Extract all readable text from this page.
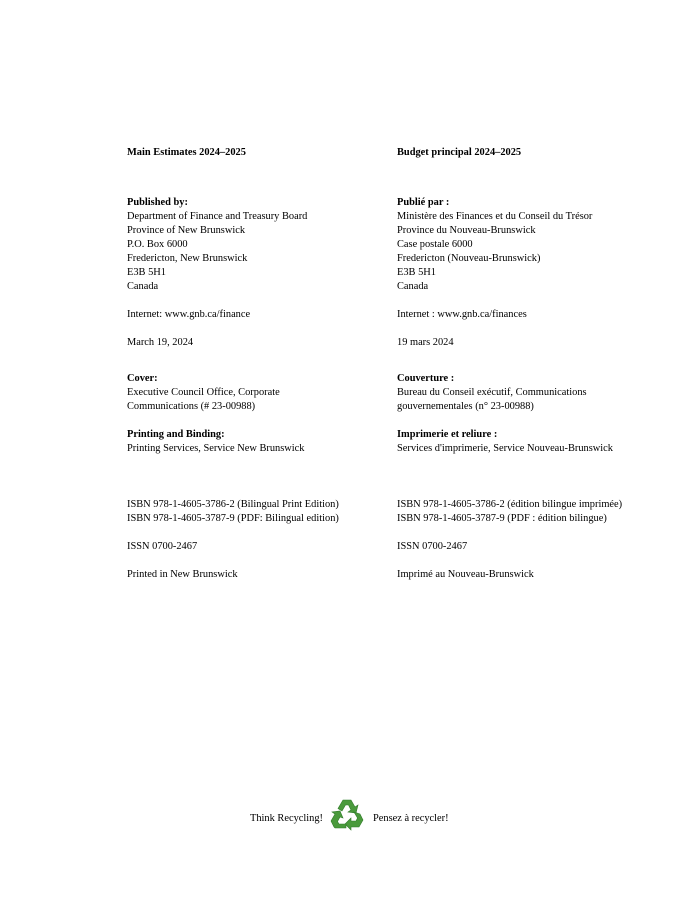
Main Estimates 2024–2025
Published by:
Department of Finance and Treasury Board
Province of New Brunswick
P.O. Box 6000
Fredericton, New Brunswick
E3B 5H1
Canada
Internet: www.gnb.ca/finance
March 19, 2024
Cover:
Executive Council Office, Corporate
Communications (# 23-00988)
Printing and Binding:
Printing Services, Service New Brunswick
ISBN 978-1-4605-3786-2 (Bilingual Print Edition)
ISBN 978-1-4605-3787-9 (PDF: Bilingual edition)
ISSN 0700-2467
Printed in New Brunswick
Budget principal 2024–2025
Publié par :
Ministère des Finances et du Conseil du Trésor
Province du Nouveau-Brunswick
Case postale 6000
Fredericton (Nouveau-Brunswick)
E3B 5H1
Canada
Internet : www.gnb.ca/finances
19 mars 2024
Couverture :
Bureau du Conseil exécutif, Communications
gouvernementales (n° 23-00988)
Imprimerie et reliure :
Services d'imprimerie, Service Nouveau-Brunswick
ISBN 978-1-4605-3786-2 (édition bilingue imprimée)
ISBN 978-1-4605-3787-9 (PDF : édition bilingue)
ISSN 0700-2467
Imprimé au Nouveau-Brunswick
Think Recycling!	Pensez à recycler!
